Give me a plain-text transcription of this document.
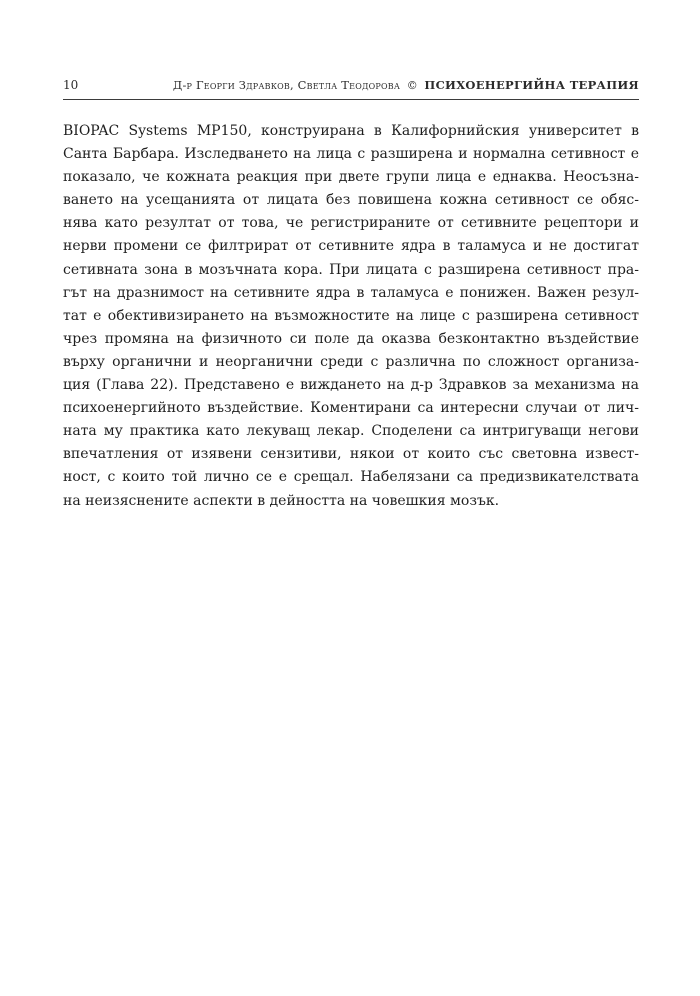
10	Д-р Георги Здравков, Светла Теодорова © ПСИХОЕНЕРГИЙНА ТЕРАПИЯ
BIOPAC Systems MP150, конструирана в Калифорнийския университет в
Санта Барбара. Изследването на лица с разширена и нормална сетивност е
показало, че кожната реакция при двете групи лица е еднаква. Неосъзна-
ването на усещанията от лицата без повишена кожна сетивност се обяс-
нява като резултат от това, че регистрираните от сетивните рецептори и
нерви промени се филтрират от сетивните ядра в таламуса и не достигат
сетивната зона в мозъчната кора. При лицата с разширена сетивност пра-
гът на дразнимост на сетивните ядра в таламуса е понижен. Важен резул-
тат е обективизирането на възможностите на лице с разширена сетивност
чрез промяна на физичното си поле да оказва безконтактно въздействие
върху органични и неорганични среди с различна по сложност организа-
ция (Глава 22). Представено е виждането на д-р Здравков за механизма на
психоенергийното въздействие. Коментирани са интересни случаи от лич-
ната му практика като лекуващ лекар. Споделени са интригуващи негови
впечатления от изявени сензитиви, някои от които със световна извест-
ност, с които той лично се е срещал. Набелязани са предизвикателствата
на неизяснените аспекти в дейността на човешкия мозък.
